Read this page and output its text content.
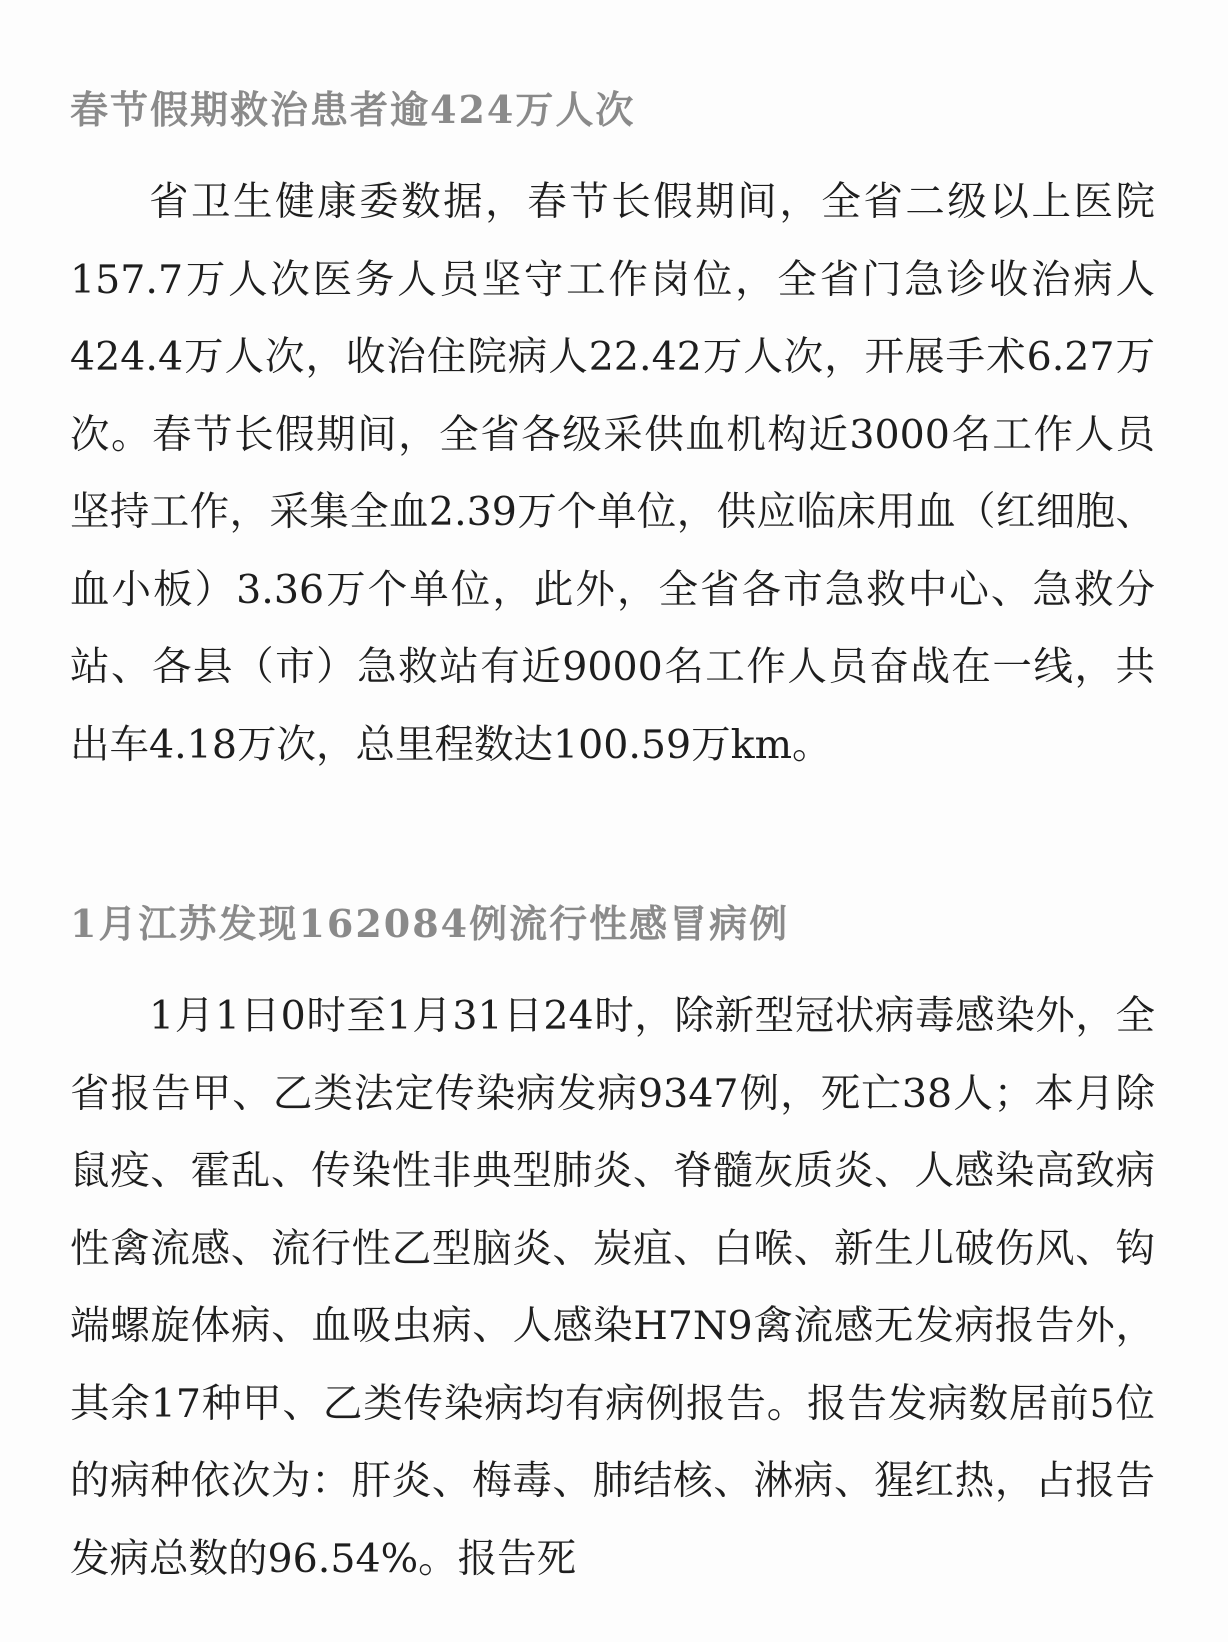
春节假期救治患者逾424万人次

省卫生健康委数据，春节长假期间，全省二级以上医院157.7万人次医务人员坚守工作岗位，全省门急诊收治病人424.4万人次，收治住院病人22.42万人次，开展手术6.27万次。春节长假期间，全省各级采供血机构近3000名工作人员坚持工作，采集全血2.39万个单位，供应临床用血（红细胞、血小板）3.36万个单位，此外，全省各市急救中心、急救分站、各县（市）急救站有近9000名工作人员奋战在一线，共出车4.18万次，总里程数达100.59万km。

1月江苏发现162084例流行性感冒病例

1月1日0时至1月31日24时，除新型冠状病毒感染外，全省报告甲、乙类法定传染病发病9347例，死亡38人；本月除鼠疫、霍乱、传染性非典型肺炎、脊髓灰质炎、人感染高致病性禽流感、流行性乙型脑炎、炭疽、白喉、新生儿破伤风、钩端螺旋体病、血吸虫病、人感染H7N9禽流感无发病报告外，其余17种甲、乙类传染病均有病例报告。报告发病数居前5位的病种依次为：肝炎、梅毒、肺结核、淋病、猩红热，占报告发病总数的96.54%。报告死
